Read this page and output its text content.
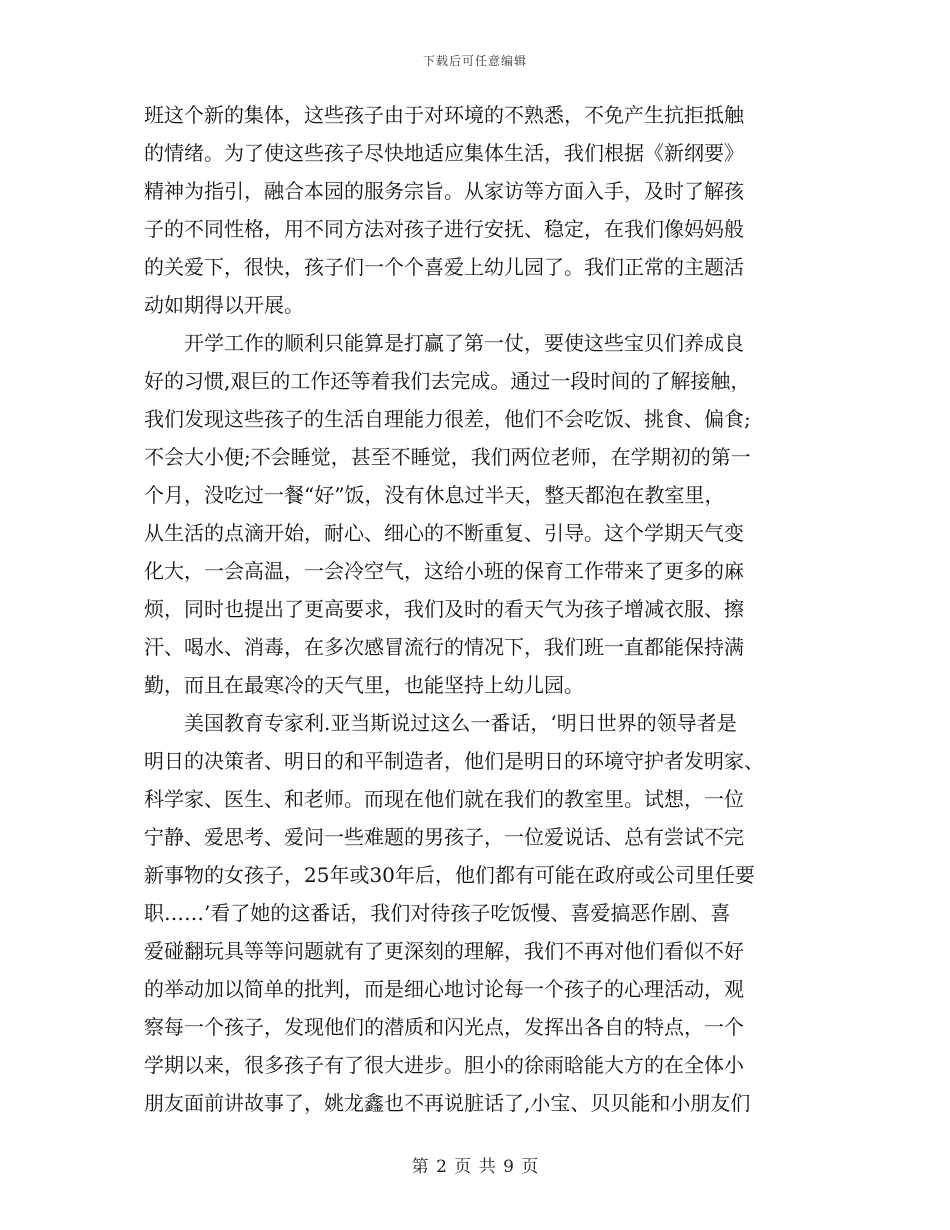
下载后可任意编辑
班这个新的集体，这些孩子由于对环境的不熟悉，不免产生抗拒抵触
的情绪。为了使这些孩子尽快地适应集体生活，我们根据《新纲要》
精神为指引，融合本园的服务宗旨。从家访等方面入手，及时了解孩
子的不同性格，用不同方法对孩子进行安抚、稳定，在我们像妈妈般
的关爱下，很快，孩子们一个个喜爱上幼儿园了。我们正常的主题活
动如期得以开展。
开学工作的顺利只能算是打赢了第一仗，要使这些宝贝们养成良
好的习惯,艰巨的工作还等着我们去完成。通过一段时间的了解接触，
我们发现这些孩子的生活自理能力很差，他们不会吃饭、挑食、偏食;
不会大小便;不会睡觉，甚至不睡觉，我们两位老师，在学期初的第一
个月，没吃过一餐“好”饭，没有休息过半天，整天都泡在教室里，
从生活的点滴开始，耐心、细心的不断重复、引导。这个学期天气变
化大，一会高温，一会冷空气，这给小班的保育工作带来了更多的麻
烦，同时也提出了更高要求，我们及时的看天气为孩子增减衣服、擦
汗、喝水、消毒，在多次感冒流行的情况下，我们班一直都能保持满
勤，而且在最寒冷的天气里，也能坚持上幼儿园。
美国教育专家利.亚当斯说过这么一番话，‘明日世界的领导者是
明日的决策者、明日的和平制造者，他们是明日的环境守护者发明家、
科学家、医生、和老师。而现在他们就在我们的教室里。试想，一位
宁静、爱思考、爱问一些难题的男孩子，一位爱说话、总有尝试不完
新事物的女孩子，25年或30年后，他们都有可能在政府或公司里任要
职……’看了她的这番话，我们对待孩子吃饭慢、喜爱搞恶作剧、喜
爱碰翻玩具等等问题就有了更深刻的理解，我们不再对他们看似不好
的举动加以简单的批判，而是细心地讨论每一个孩子的心理活动，观
察每一个孩子，发现他们的潜质和闪光点，发挥出各自的特点，一个
学期以来，很多孩子有了很大进步。胆小的徐雨晗能大方的在全体小
朋友面前讲故事了，姚龙鑫也不再说脏话了,小宝、贝贝能和小朋友们
第 2 页 共 9 页
